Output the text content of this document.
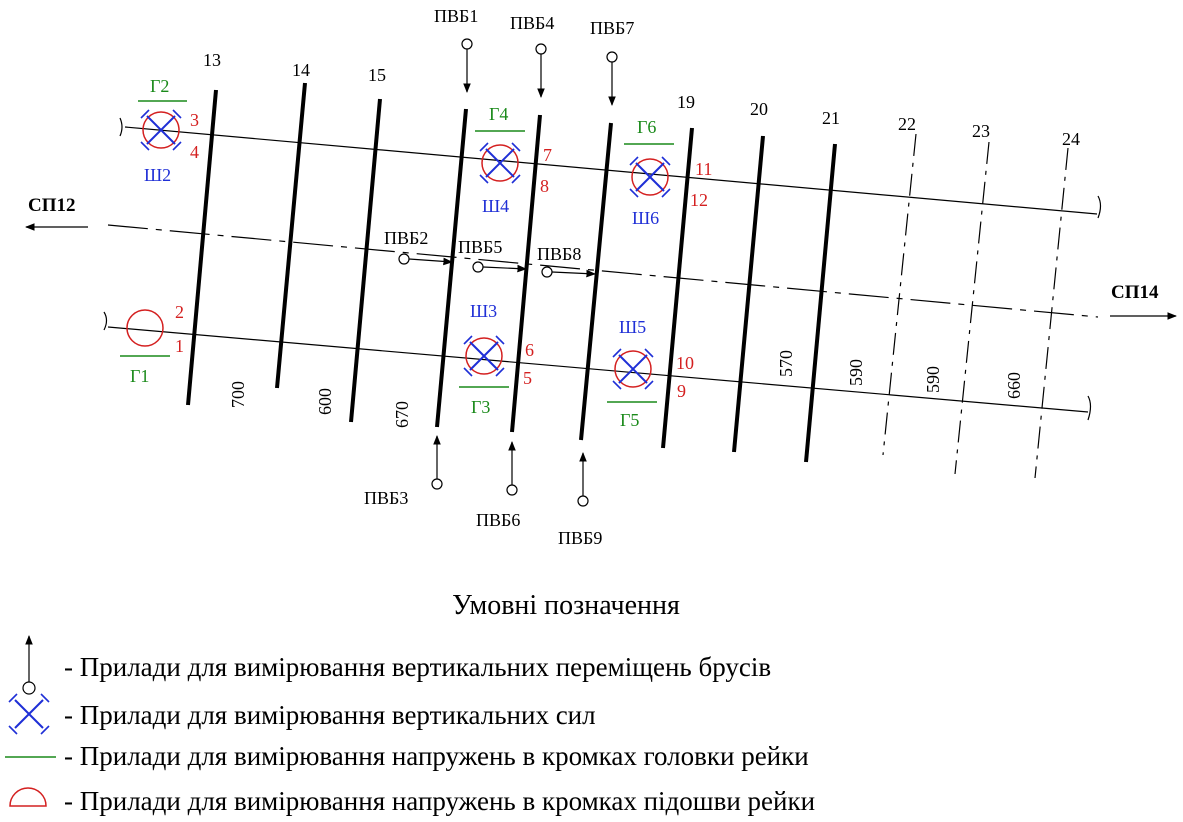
13	14	15
19	20	21	22	23	24
700	600	670
570	590	590	660
СП12
СП14
ПВБ1 ПВБ4 ПВБ7
ПВБ2 ПВБ5 ПВБ8
ПВБ3
ПВБ6
ПВБ9
Г2
Ш2
3
4
Г4
Ш4
7
8
Г6
Ш6
11
12
Г1
2
1
Ш3
Г3
6
5
Ш5
Г5
10
9
Умовні позначення
- Прилади для вимірювання вертикальних переміщень брусів
- Прилади для вимірювання вертикальних сил
- Прилади для вимірювання напружень в кромках головки рейки
- Прилади для вимірювання напружень в кромках підошви рейки
